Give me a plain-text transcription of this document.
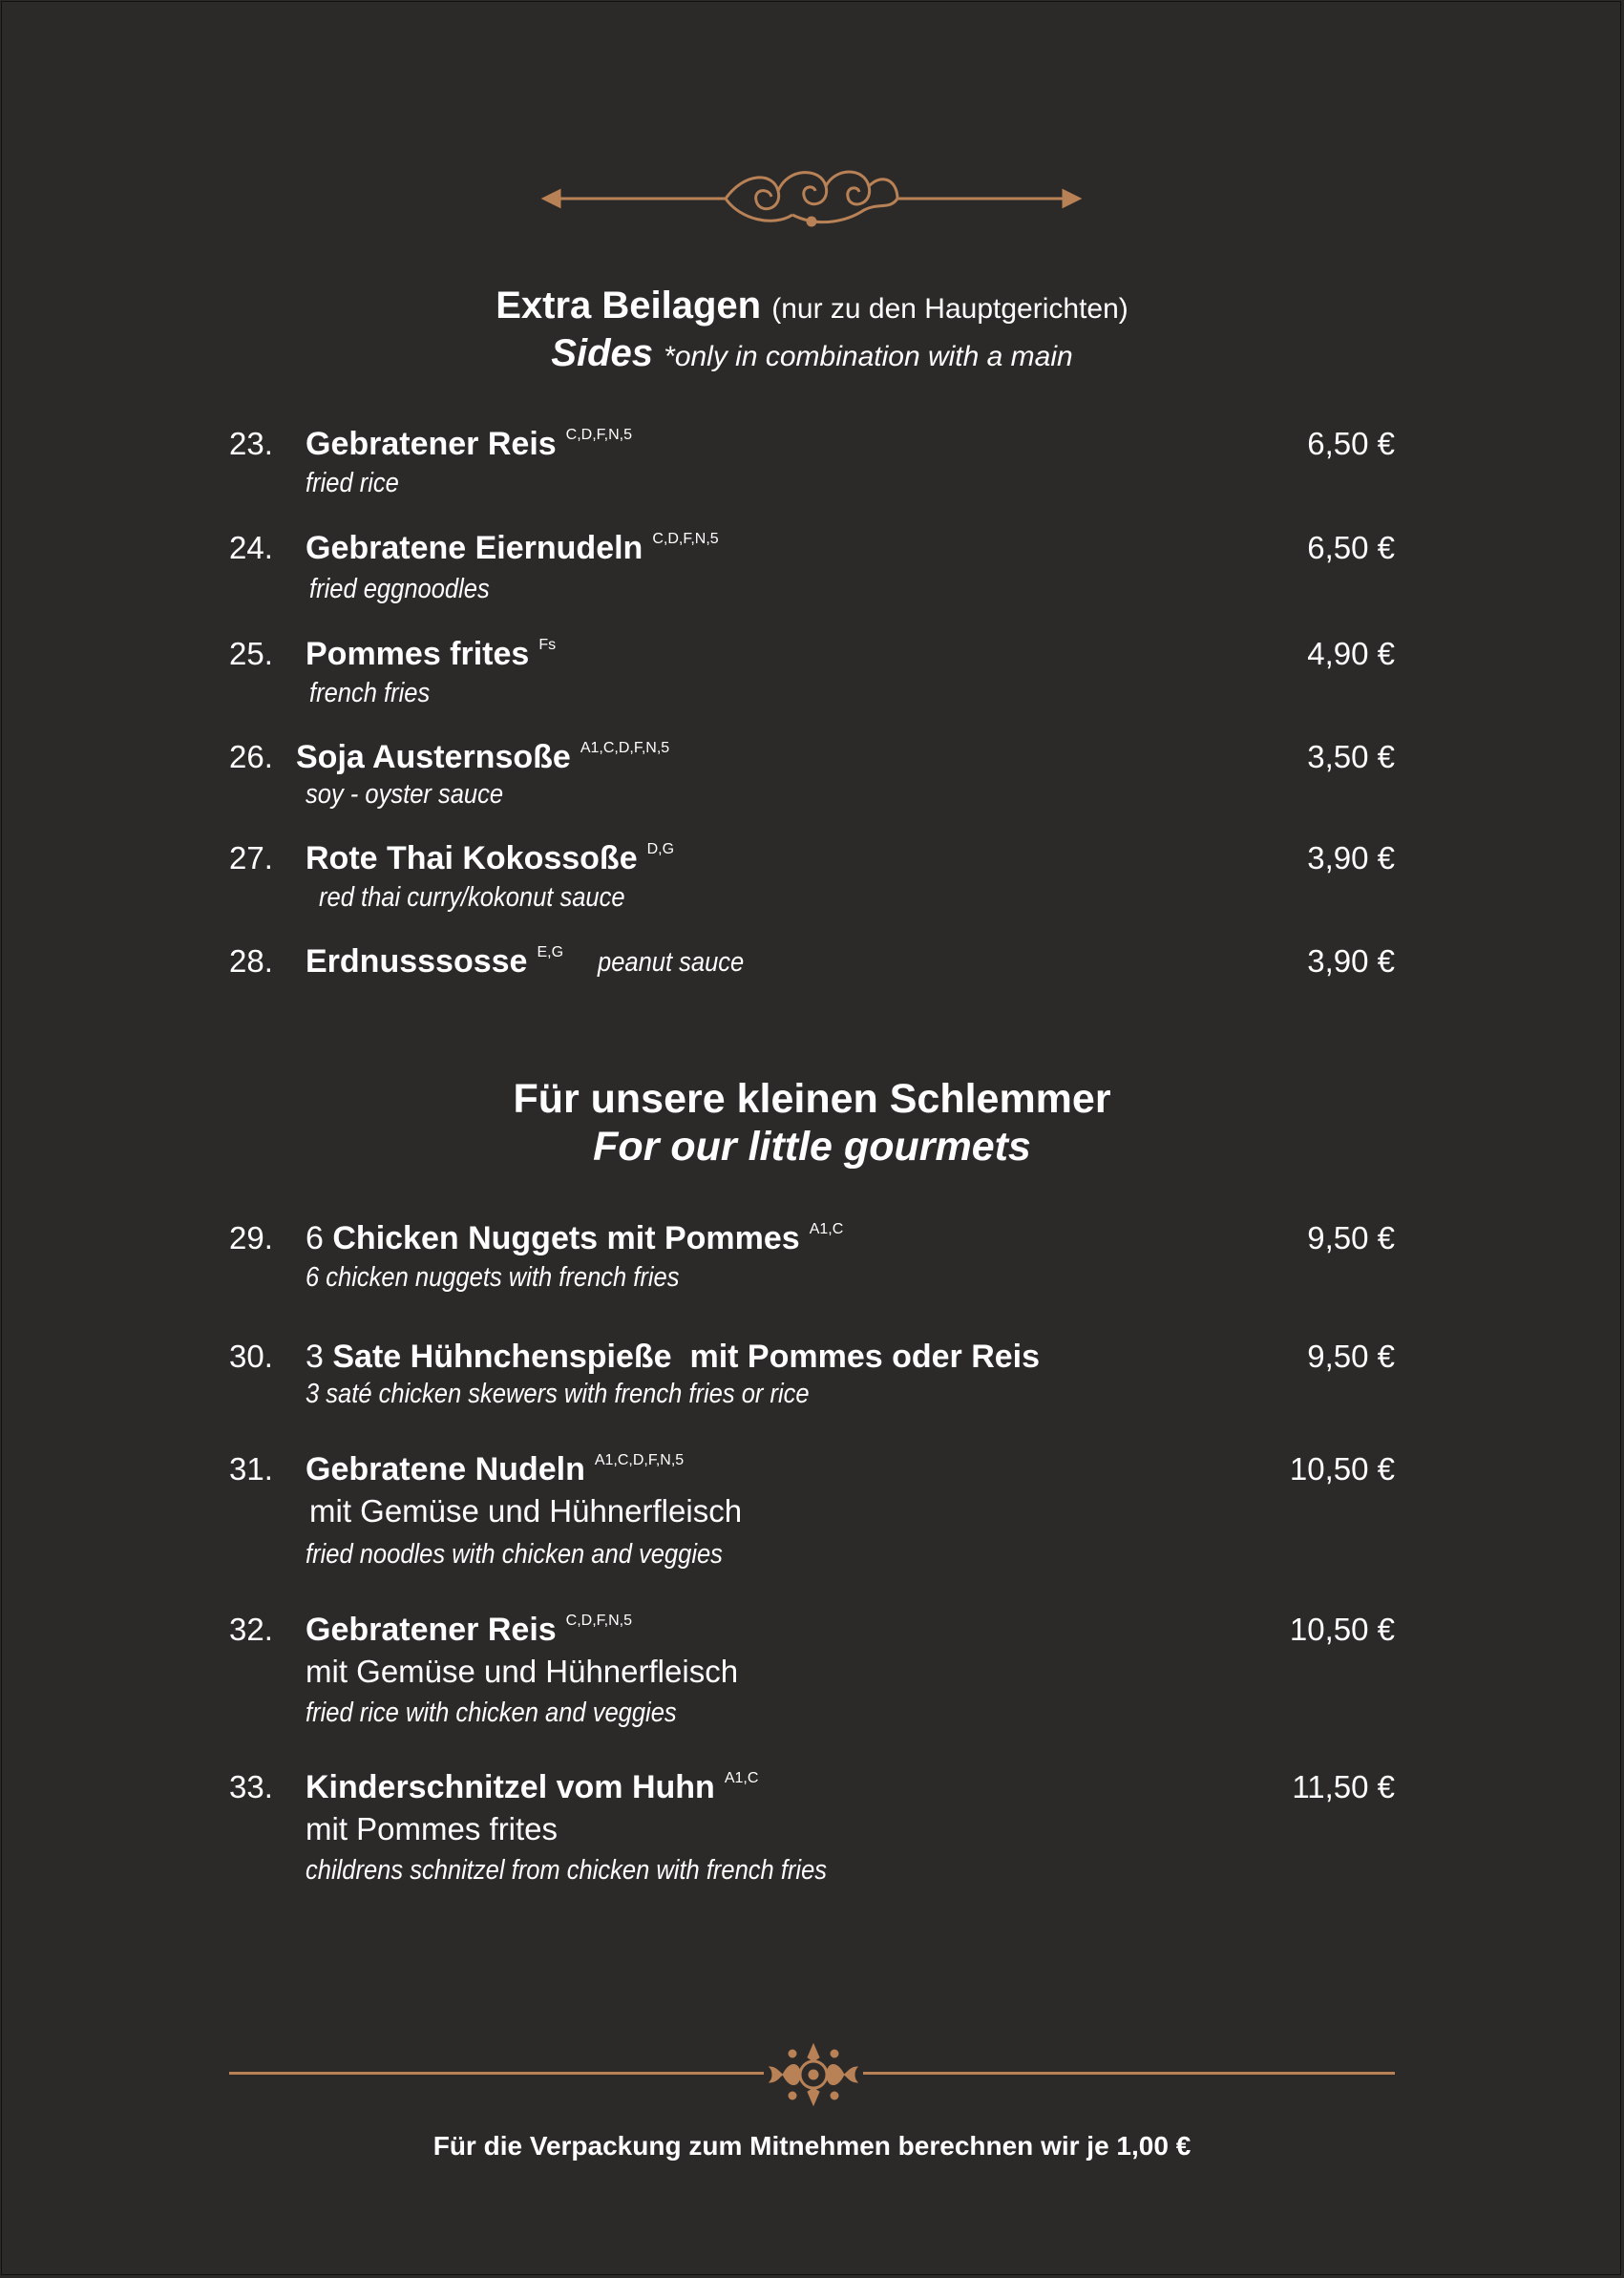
Extra Beilagen (nur zu den Hauptgerichten)
Sides *only in combination with a main
23. Gebratener Reis $^{C,D,F,N,5}$	6,50 €
fried rice
24. Gebratene Eiernudeln $^{C,D,F,N,5}$	6,50 €
fried eggnoodles
25. Pommes frites $^{Fs}$	4,90 €
french fries
26. Soja Austernsoße $^{A1,C,D,F,N,5}$	3,50 €
soy - oyster sauce
27. Rote Thai Kokossoße $^{D,G}$	3,90 €
red thai curry/kokonut sauce
28. Erdnusssosse $^{E,G}$	3,90 €
peanut sauce
Für unsere kleinen Schlemmer
For our little gourmets
29. 6 Chicken Nuggets mit Pommes $^{A1,C}$	9,50 €
6 chicken nuggets with french fries
30. 3 Sate Hühnchenspieße  mit Pommes oder Reis	9,50 €
3 saté chicken skewers with french fries or rice
31. Gebratene Nudeln $^{A1,C,D,F,N,5}$	10,50 €
mit Gemüse und Hühnerfleisch
fried noodles with chicken and veggies
32. Gebratener Reis $^{C,D,F,N,5}$	10,50 €
mit Gemüse und Hühnerfleisch
fried rice with chicken and veggies
33. Kinderschnitzel vom Huhn $^{A1,C}$	11,50 €
mit Pommes frites
childrens schnitzel from chicken with french fries
Für die Verpackung zum Mitnehmen berechnen wir je 1,00 €
